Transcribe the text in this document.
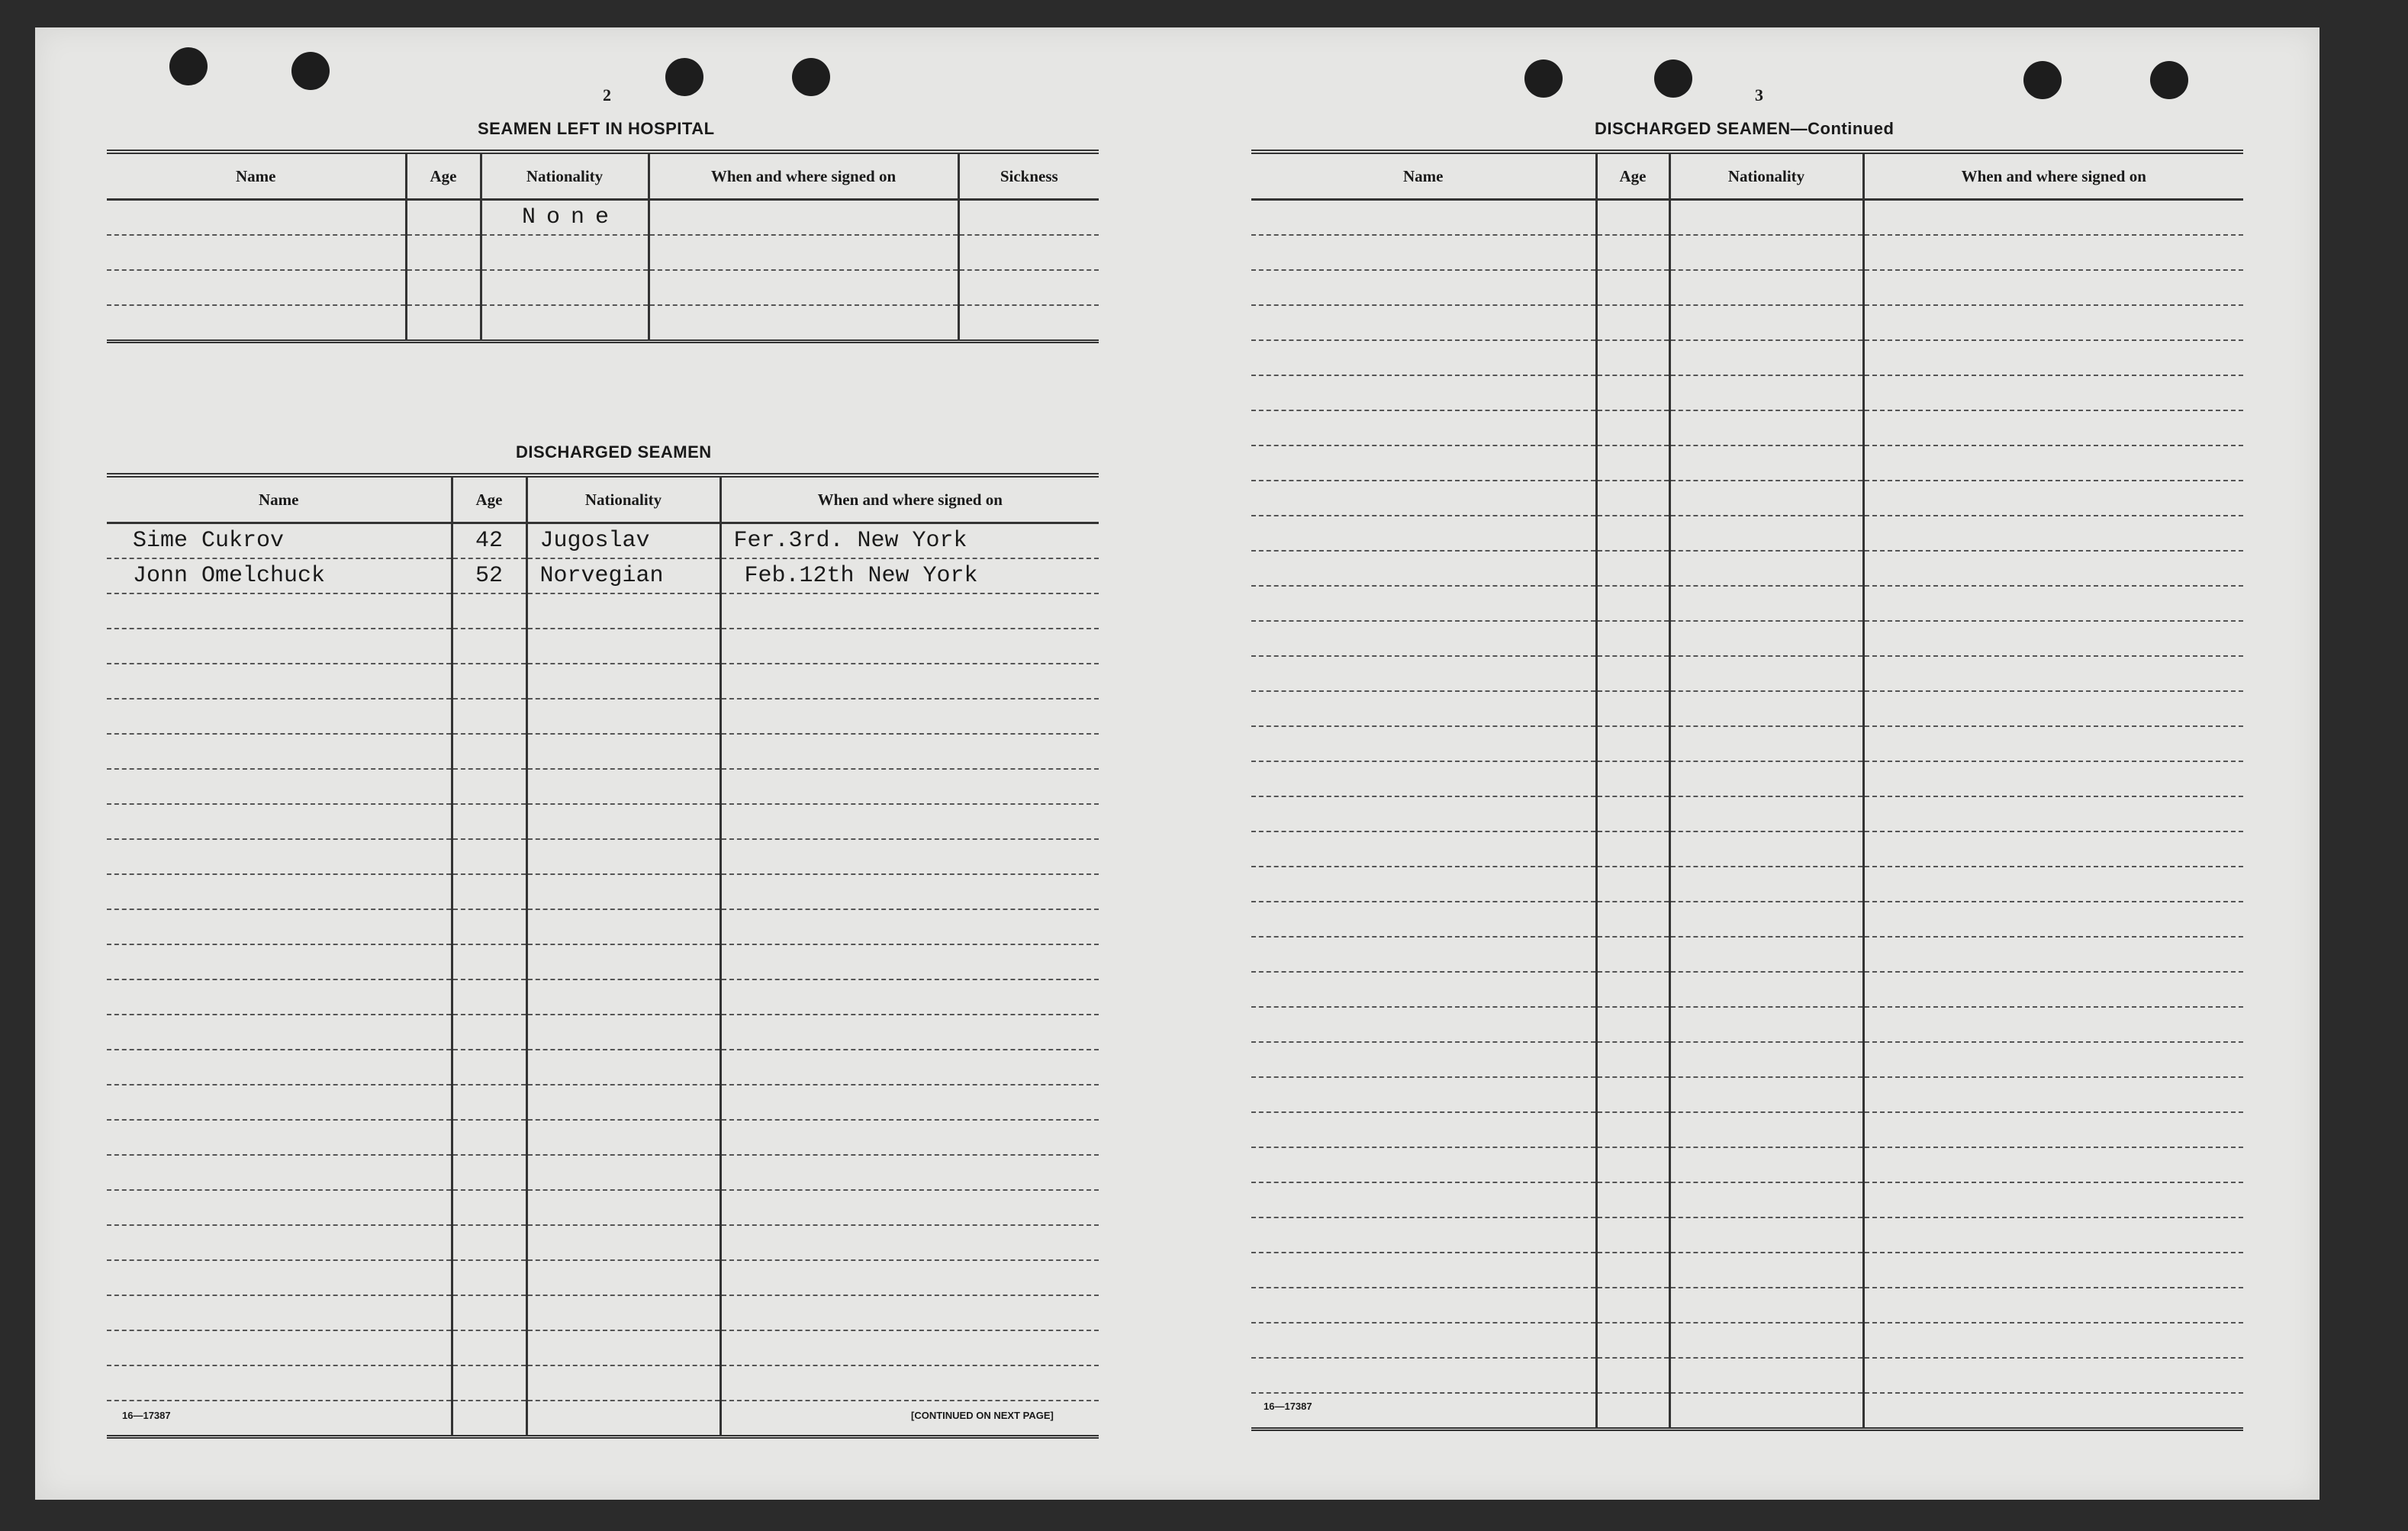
2
SEAMEN LEFT IN HOSPITAL
Name	Age	Nationality	When and where signed on	Sickness
		None		

DISCHARGED SEAMEN
Name	Age	Nationality	When and where signed on
Sime Cukrov	42	Jugoslav	Fer.3rd. New York
Jonn Omelchuck	52	Norvegian	Feb.12th New York

16—17387	[CONTINUED ON NEXT PAGE]
3
DISCHARGED SEAMEN—Continued
Name	Age	Nationality	When and where signed on

16—17387
